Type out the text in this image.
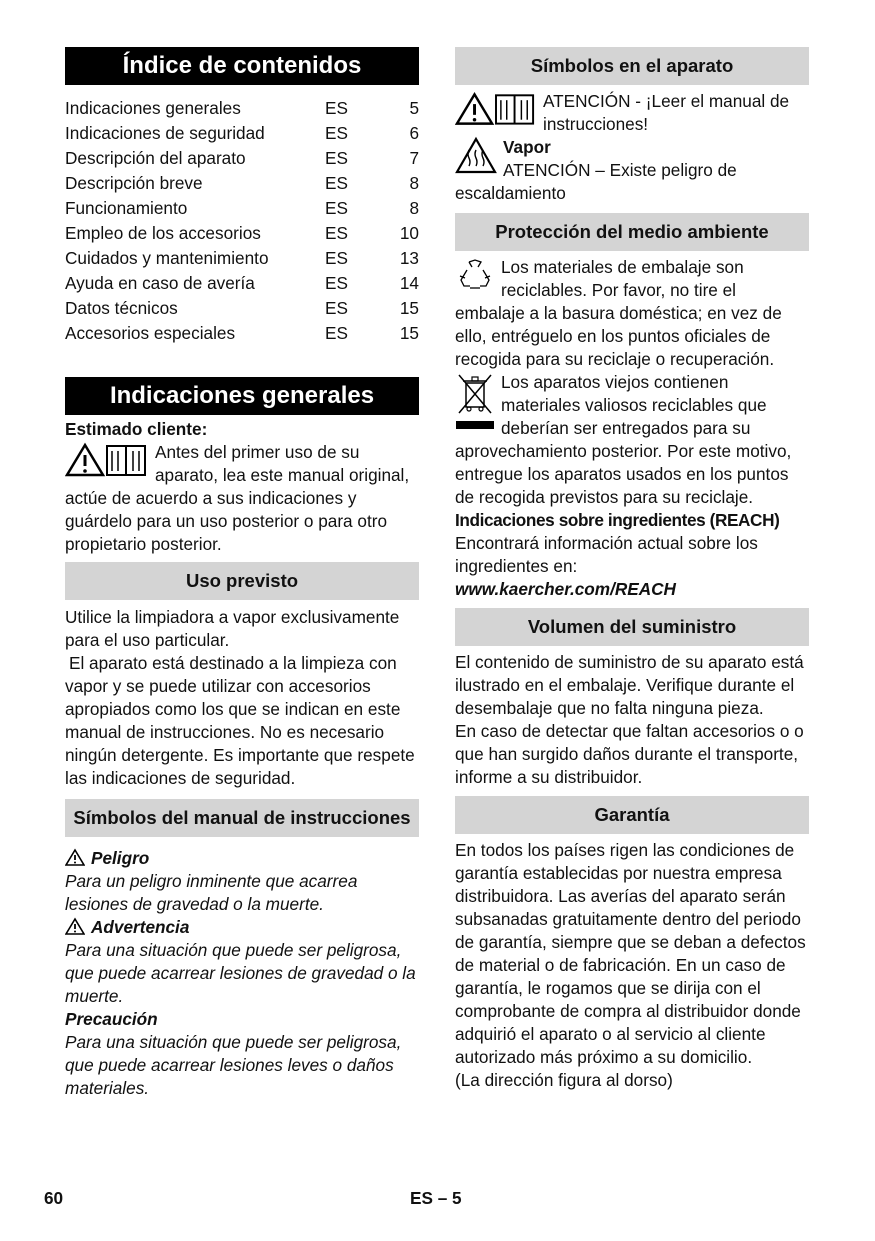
Índice de contenidos
Indicaciones generales	ES	5
Indicaciones de seguridad	ES	6
Descripción del aparato	ES	7
Descripción breve	ES	8
Funcionamiento	ES	8
Empleo de los accesorios	ES	10
Cuidados y mantenimiento	ES	13
Ayuda en caso de avería	ES	14
Datos técnicos	ES	15
Accesorios especiales	ES	15
Indicaciones generales

Estimado cliente:

Antes del primer uso de su aparato, lea este manual original, actúe de acuerdo a sus indicaciones y guárdelo para un uso posterior o para otro propietario posterior.

Uso previsto

Utilice la limpiadora a vapor exclusivamente para el uso particular.

El aparato está destinado a la limpieza con vapor y se puede utilizar con accesorios apropiados como los que se indican en este manual de instrucciones. No es necesario ningún detergente. Es importante que respete las indicaciones de seguridad.

Símbolos del manual de instrucciones

Peligro

Para un peligro inminente que acarrea lesiones de gravedad o la muerte.

Advertencia

Para una situación que puede ser peligrosa, que puede acarrear lesiones de gravedad o la muerte.

Precaución

Para una situación que puede ser peligrosa, que puede acarrear lesiones leves o daños materiales.

Símbolos en el aparato

ATENCIÓN - ¡Leer el manual de instrucciones!

Vapor

ATENCIÓN – Existe peligro de escaldamiento

Protección del medio ambiente

Los materiales de embalaje son reciclables. Por favor, no tire el embalaje a la basura doméstica; en vez de ello, entréguelo en los puntos oficiales de recogida para su reciclaje o recuperación.

Los aparatos viejos contienen materiales valiosos reciclables que deberían ser entregados para su aprovechamiento posterior. Por este motivo, entregue los aparatos usados en los puntos de recogida previstos para su reciclaje.

Indicaciones sobre ingredientes (REACH)

Encontrará información actual sobre los ingredientes en:

www.kaercher.com/REACH

Volumen del suministro

El contenido de suministro de su aparato está ilustrado en el embalaje. Verifique durante el desembalaje que no falta ninguna pieza.

En caso de detectar que faltan accesorios o o que han surgido daños durante el transporte, informe a su distribuidor.

Garantía

En todos los países rigen las condiciones de garantía establecidas por nuestra empresa distribuidora. Las averías del aparato serán subsanadas gratuitamente dentro del periodo de garantía, siempre que se deban a defectos de material o de fabricación. En un caso de garantía, le rogamos que se dirija con el comprobante de compra al distribuidor donde adquirió el aparato o al servicio al cliente autorizado más próximo a su domicilio.

(La dirección figura al dorso)

60	ES – 5
